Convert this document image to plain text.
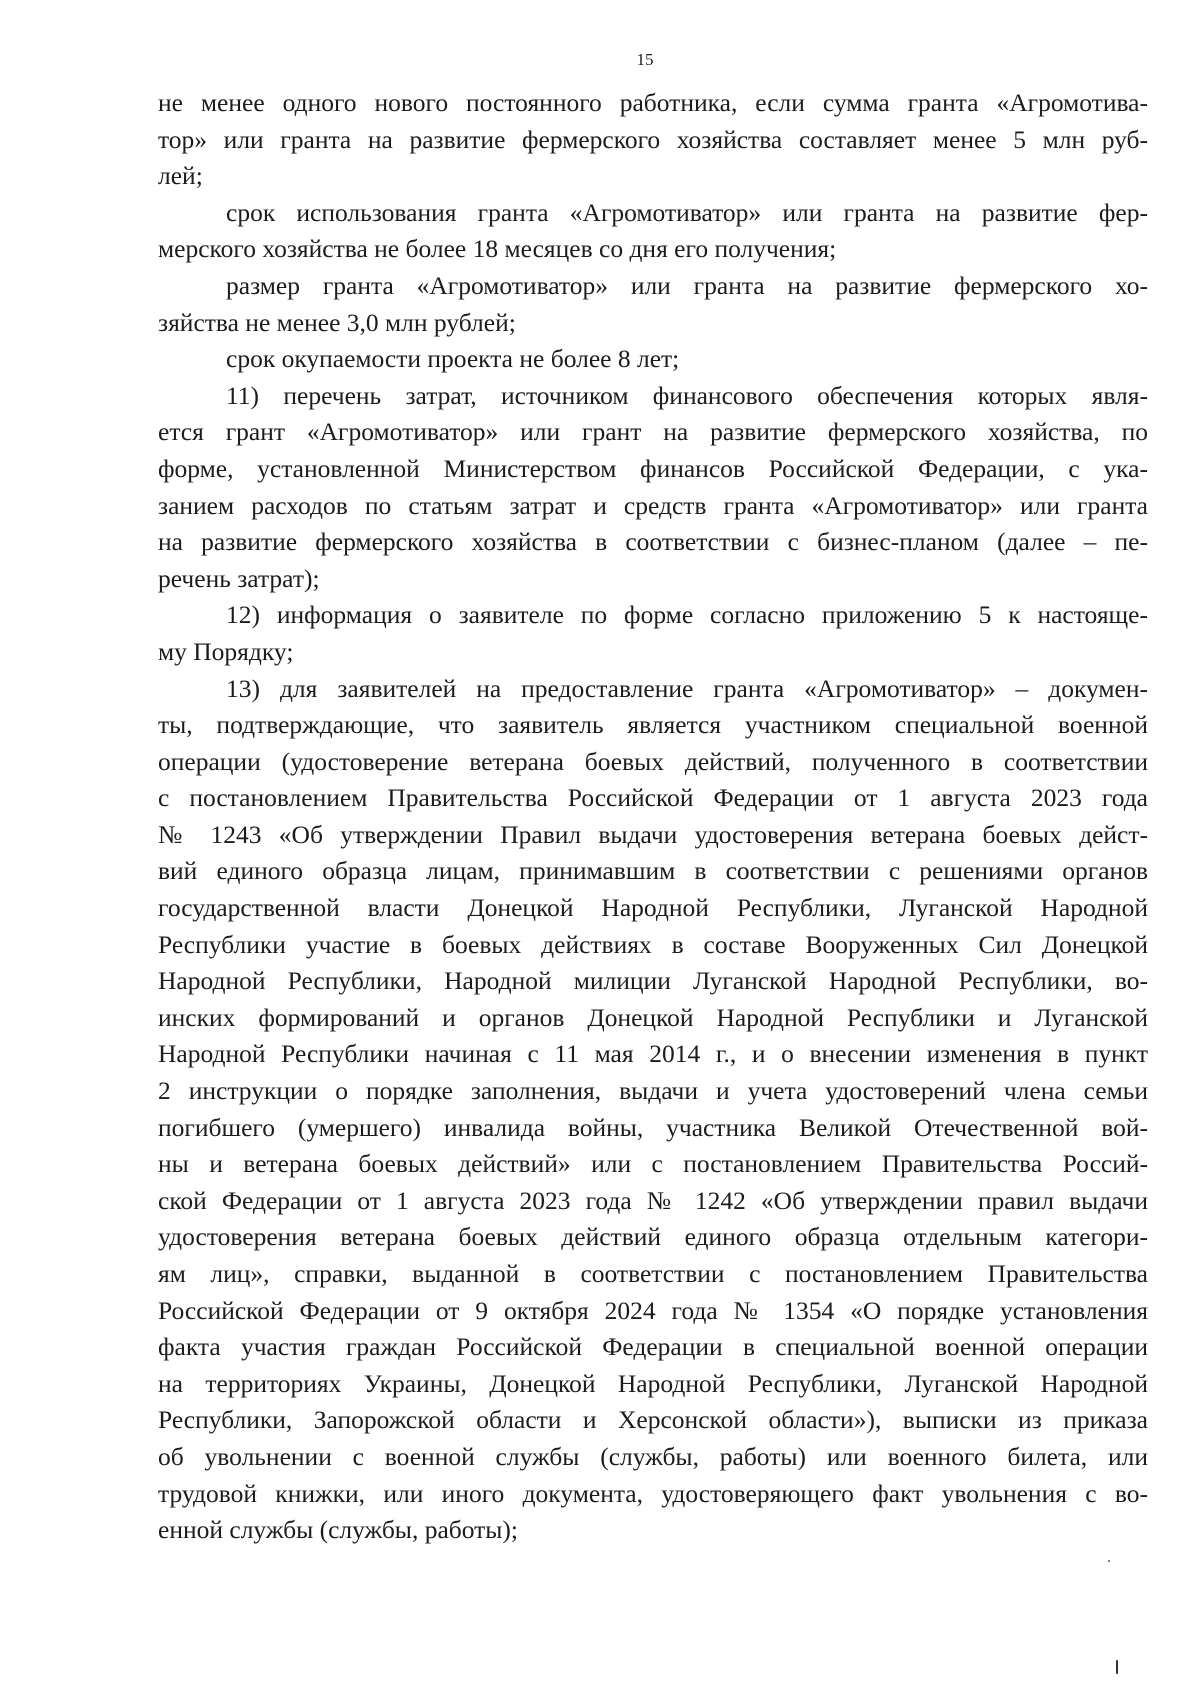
15
не менее одного нового постоянного работника, если сумма гранта «Агромотива-
тор» или гранта на развитие фермерского хозяйства составляет менее 5 млн руб-
лей;
срок использования гранта «Агромотиватор» или гранта на развитие фер-
мерского хозяйства не более 18 месяцев со дня его получения;
размер гранта «Агромотиватор» или гранта на развитие фермерского хо-
зяйства не менее 3,0 млн рублей;
срок окупаемости проекта не более 8 лет;
11) перечень затрат, источником финансового обеспечения которых явля-
ется грант «Агромотиватор» или грант на развитие фермерского хозяйства, по
форме, установленной Министерством финансов Российской Федерации, с ука-
занием расходов по статьям затрат и средств гранта «Агромотиватор» или гранта
на развитие фермерского хозяйства в соответствии с бизнес-планом (далее – пе-
речень затрат);
12) информация о заявителе по форме согласно приложению 5 к настояще-
му Порядку;
13) для заявителей на предоставление гранта «Агромотиватор» – докумен-
ты, подтверждающие, что заявитель является участником специальной военной
операции (удостоверение ветерана боевых действий, полученного в соответствии
с постановлением Правительства Российской Федерации от 1 августа 2023 года
№ 1243 «Об утверждении Правил выдачи удостоверения ветерана боевых дейст-
вий единого образца лицам, принимавшим в соответствии с решениями органов
государственной власти Донецкой Народной Республики, Луганской Народной
Республики участие в боевых действиях в составе Вооруженных Сил Донецкой
Народной Республики, Народной милиции Луганской Народной Республики, во-
инских формирований и органов Донецкой Народной Республики и Луганской
Народной Республики начиная с 11 мая 2014 г., и о внесении изменения в пункт
2 инструкции о порядке заполнения, выдачи и учета удостоверений члена семьи
погибшего (умершего) инвалида войны, участника Великой Отечественной вой-
ны и ветерана боевых действий» или с постановлением Правительства Россий-
ской Федерации от 1 августа 2023 года № 1242 «Об утверждении правил выдачи
удостоверения ветерана боевых действий единого образца отдельным категори-
ям лиц», справки, выданной в соответствии с постановлением Правительства
Российской Федерации от 9 октября 2024 года № 1354 «О порядке установления
факта участия граждан Российской Федерации в специальной военной операции
на территориях Украины, Донецкой Народной Республики, Луганской Народной
Республики, Запорожской области и Херсонской области»), выписки из приказа
об увольнении с военной службы (службы, работы) или военного билета, или
трудовой книжки, или иного документа, удостоверяющего факт увольнения с во-
енной службы (службы, работы);
